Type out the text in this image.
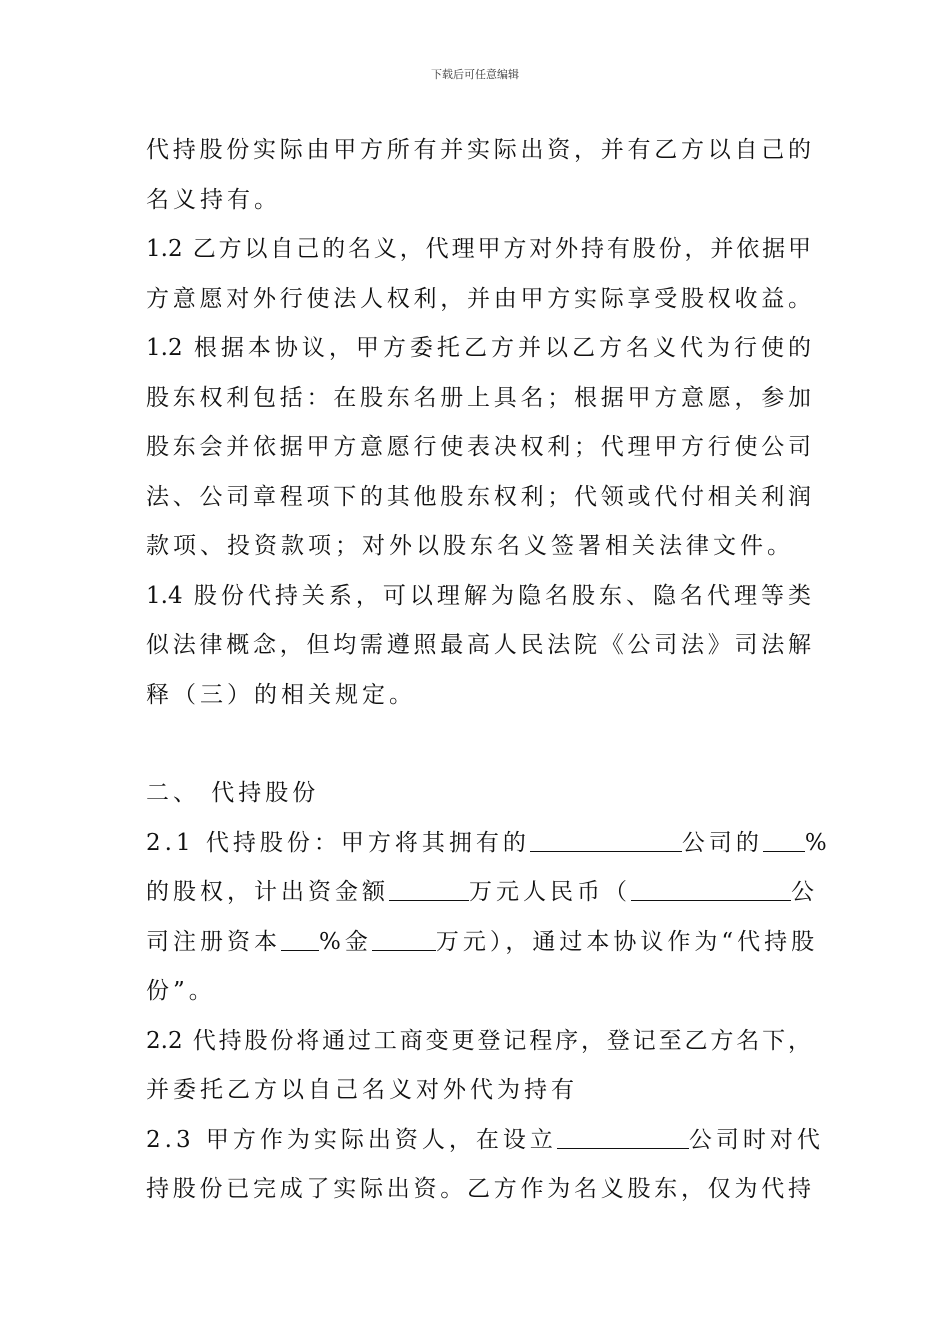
下载后可任意编辑
代持股份实际由甲方所有并实际出资，并有乙方以自己的
名义持有。
1.2 乙方以自己的名义，代理甲方对外持有股份，并依据甲
方意愿对外行使法人权利，并由甲方实际享受股权收益。
1.2 根据本协议，甲方委托乙方并以乙方名义代为行使的
股东权利包括：在股东名册上具名；根据甲方意愿，参加
股东会并依据甲方意愿行使表决权利；代理甲方行使公司
法、公司章程项下的其他股东权利；代领或代付相关利润
款项、投资款项；对外以股东名义签署相关法律文件。
1.4 股份代持关系，可以理解为隐名股东、隐名代理等类
似法律概念，但均需遵照最高人民法院《公司法》司法解
释（三）的相关规定。
二、 代持股份
2.1 代持股份：甲方将其拥有的	公司的 %
的股权，计出资金额	万元人民币（	公
司注册资本 %金	万元），通过本协议作为“代持股
份”。
2.2 代持股份将通过工商变更登记程序，登记至乙方名下，
并委托乙方以自己名义对外代为持有
2.3 甲方作为实际出资人，在设立	公司时对代
持股份已完成了实际出资。乙方作为名义股东，仅为代持
